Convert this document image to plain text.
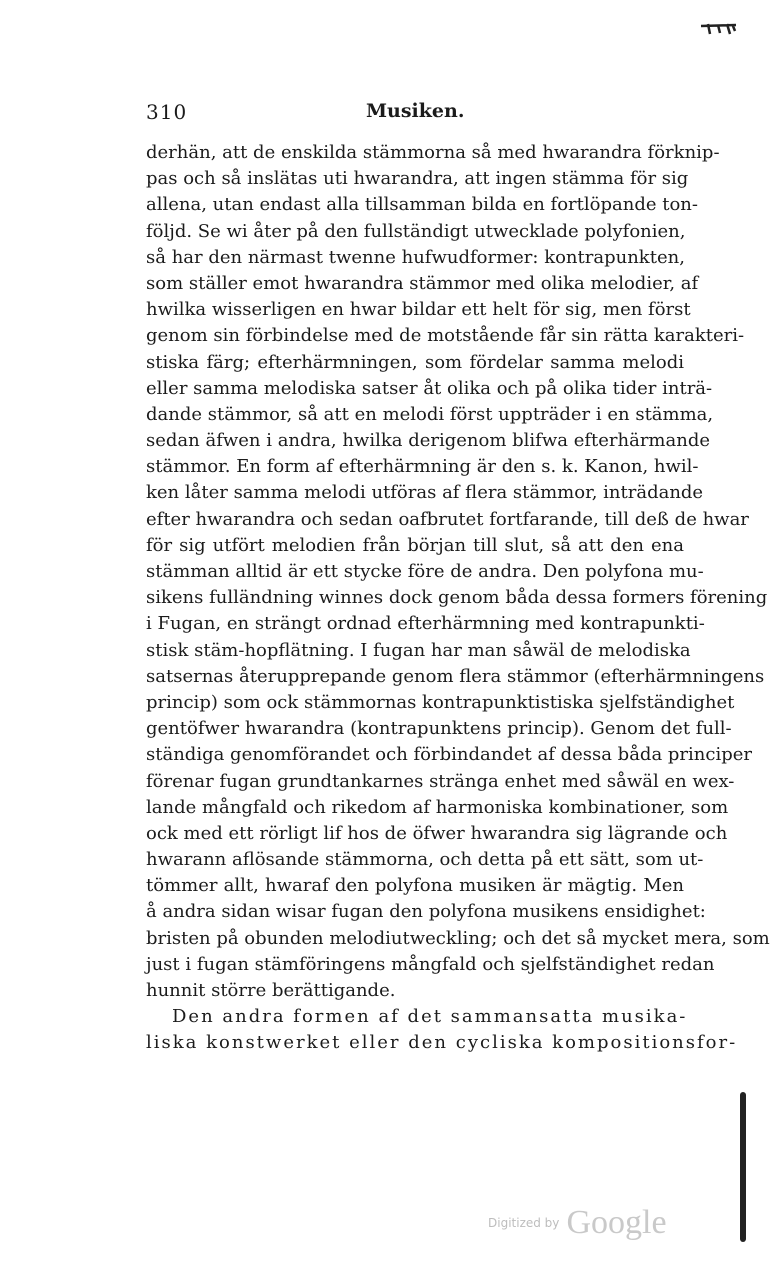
310	Musiken.
derhän, att de enskilda stämmorna så med hwarandra förknip-
pas och så inslätas uti hwarandra, att ingen stämma för sig
allena, utan endast alla tillsamman bilda en fortlöpande ton-
följd. Se wi åter på den fullständigt utwecklade polyfonien,
så har den närmast twenne hufwudformer: kontrapunkten,
som ställer emot hwarandra stämmor med olika melodier, af
hwilka wisserligen en hwar bildar ett helt för sig, men först
genom sin förbindelse med de motstående får sin rätta karakteri-
stiska färg; efterhärmningen, som fördelar samma melodi
eller samma melodiska satser åt olika och på olika tider inträ-
dande stämmor, så att en melodi först uppträder i en stämma,
sedan äfwen i andra, hwilka derigenom blifwa efterhärmande
stämmor. En form af efterhärmning är den s. k. Kanon, hwil-
ken låter samma melodi utföras af flera stämmor, inträdande
efter hwarandra och sedan oafbrutet fortfarande, till deß de hwar
för sig utfört melodien från början till slut, så att den ena
stämman alltid är ett stycke före de andra. Den polyfona mu-
sikens fulländning winnes dock genom båda dessa formers förening
i Fugan, en strängt ordnad efterhärmning med kontrapunkti-
stisk stäm-hopflätning. I fugan har man såwäl de melodiska
satsernas återupprepande genom flera stämmor (efterhärmningens
princip) som ock stämmornas kontrapunktistiska sjelfständighet
gentöfwer hwarandra (kontrapunktens princip). Genom det full-
ständiga genomförandet och förbindandet af dessa båda principer
förenar fugan grundtankarnes stränga enhet med såwäl en wex-
lande mångfald och rikedom af harmoniska kombinationer, som
ock med ett rörligt lif hos de öfwer hwarandra sig lägrande och
hwarann aflösande stämmorna, och detta på ett sätt, som ut-
tömmer allt, hwaraf den polyfona musiken är mägtig. Men
å andra sidan wisar fugan den polyfona musikens ensidighet:
bristen på obunden melodiutweckling; och det så mycket mera, som
just i fugan stämföringens mångfald och sjelfständighet redan
hunnit större berättigande.
Den andra formen af det sammansatta musika-
liska konstwerket eller den cycliska kompositionsfor-
Digitized by Google
